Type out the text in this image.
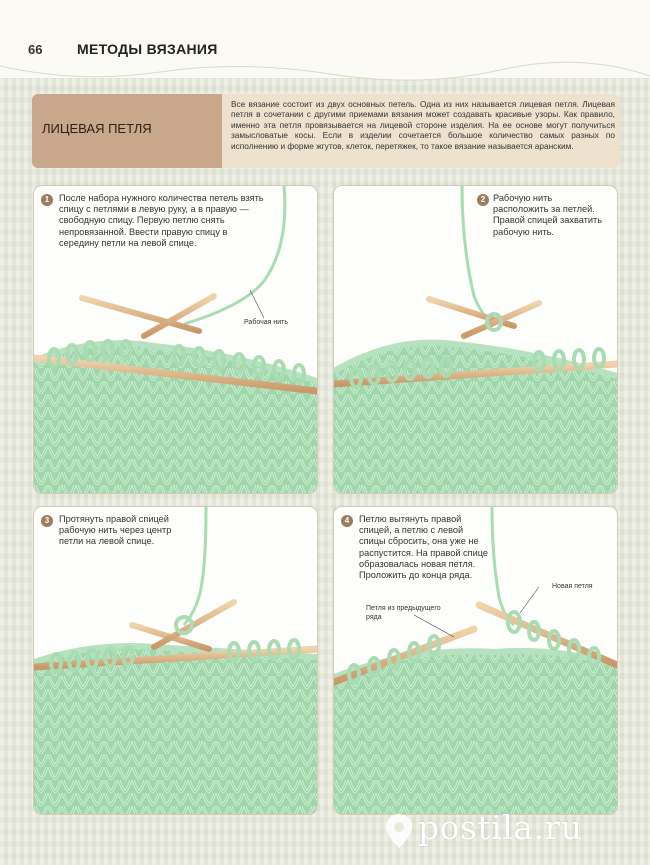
66 МЕТОДЫ ВЯЗАНИЯ
ЛИЦЕВАЯ ПЕТЛЯ
Все вязание состоит из двух основных петель. Одна из них называется лицевая петля. Лицевая петля в сочетании с другими приемами вязания может создавать красивые узоры. Как правило, именно эта петля провязывается на лицевой стороне изделия. На ее основе могут получиться замысловатые косы. Если в изделии сочетается большое количество самых разных по исполнению и форме жгутов, клеток, перетяжек, то такое вязание называется аранским.
1	После набора нужного количества петель взять спицу с петлями в левую руку, а в правую — свободную спицу. Первую петлю снять непровязанной. Ввести правую спицу в середину петли на левой спице.
Рабочая нить
2 Рабочую нить расположить за петлей. Правой спицей захватить рабочую нить.
3	Протянуть правой спицей рабочую нить через центр петли на левой спице.
4	Петлю вытянуть правой спицей, а петлю с левой спицы сбросить, она уже не распустится. На правой спице образовалась новая петля. Проложить до конца ряда.
Новая петля
Петля из предыдущего ряда
postila.ru
